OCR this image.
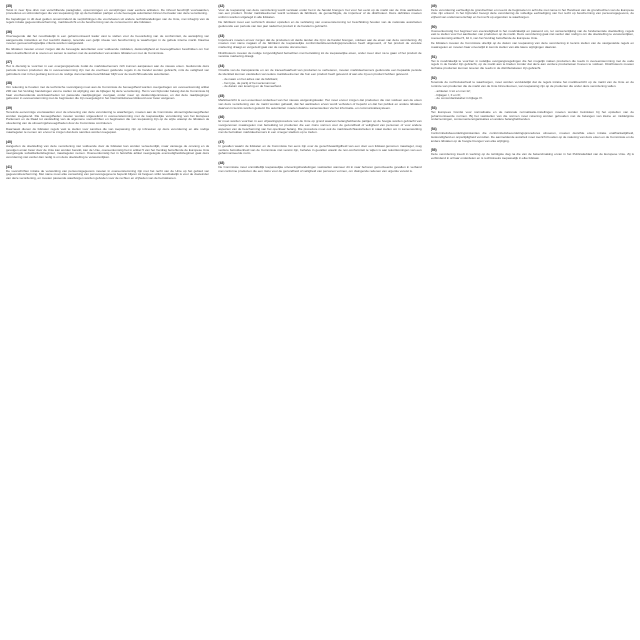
(35)

Tekst in zeer fijne druk met verschillende paragrafen, opsommingen en verwijzingen naar eerdere artikelen. De inhoud beschrijft voorwaarden, procedures en uitzonderingen die van toepassing zijn op de betrokken partijen en de bevoegde autoriteiten binnen het kader van deze verordening.

De bepalingen in dit deel gelden onverminderd de verplichtingen die voortvloeien uit andere rechtshandelingen van de Unie, met inbegrip van de regels inzake gegevensbescherming, markttoezicht en de bescherming van de consument in alle lidstaten.

(36)

Overwegende dat het noodzakelijk is een geharmoniseerd kader vast te stellen voor de beoordeling van de conformiteit, de aanwijzing van aangemelde instanties en het toezicht daarop, teneinde een gelijk niveau van bescherming te waarborgen in de gehele interne markt. Daartoe moeten gemeenschappelijke criteria worden vastgesteld.

De lidstaten moeten ervoor zorgen dat de bevoegde autoriteiten over voldoende middelen, deskundigheid en bevoegdheden beschikken om hun taken doeltreffend uit te voeren en samen te werken met de autoriteiten van andere lidstaten en met de Commissie.

(37)

Het is dienstig te voorzien in een overgangsperiode zodat de marktdeelnemers zich kunnen aanpassen aan de nieuwe eisen. Gedurende deze periode kunnen producten die in overeenstemming zijn met de voorheen geldende regels in de handel worden gebracht, mits de veiligheid van gebruikers niet in het gedrang komt en de nodige documentatie beschikbaar blijft voor de toezichthoudende autoriteiten.

(38)

Om rekening te houden met de technische vooruitgang moet aan de Commissie de bevoegdheid worden overgedragen om overeenkomstig artikel 290 van het Verdrag handelingen vast te stellen tot wijziging van de bijlagen bij deze verordening. Het is van bijzonder belang dat de Commissie bij haar voorbereidende werkzaamheden tot passende raadplegingen overgaat, onder meer op deskundigenniveau, en dat deze raadplegingen gebeuren in overeenstemming met de beginselen die zijn neergelegd in het Interinstitutioneel Akkoord over beter wetgeven.

(39)

Teneinde eenvormige voorwaarden voor de uitvoering van deze verordening te waarborgen, moeten aan de Commissie uitvoeringsbevoegdheden worden toegekend. Die bevoegdheden moeten worden uitgeoefend in overeenstemming met de toepasselijke verordening van het Europees Parlement en de Raad tot vaststelling van de algemene voorschriften en beginselen die van toepassing zijn op de wijze waarop de lidstaten de uitoefening van de uitvoeringsbevoegdheden door de Commissie controleren.

Daarnaast dienen de lidstaten regels vast te stellen voor sancties die van toepassing zijn op inbreuken op deze verordening en alle nodige maatregelen te nemen om ervoor te zorgen dat deze sancties worden toegepast.

(40)

Aangezien de doelstelling van deze verordening niet voldoende door de lidstaten kan worden verwezenlijkt, maar vanwege de omvang en de gevolgen ervan beter door de Unie kan worden bereikt, kan de Unie, overeenkomstig het in artikel 5 van het Verdrag betreffende de Europese Unie neergelegde subsidiariteitsbeginsel, maatregelen nemen. Overeenkomstig het in hetzelfde artikel neergelegde evenredigheidsbeginsel gaat deze verordening niet verder dan nodig is om deze doelstelling te verwezenlijken.

(41)

De voorschriften inzake de verwerking van persoonsgegevens moeten in overeenstemming zijn met het recht van de Unie op het gebied van gegevensbescherming. Met name moet elke verwerking van persoonsgegevens beperkt blijven tot hetgeen strikt noodzakelijk is voor de doeleinden van deze verordening, en moeten passende waarborgen worden geboden voor de rechten en vrijheden van de betrokkenen.

(42)

Voor de toepassing van deze verordening wordt verstaan onder het in de handel brengen: het voor het eerst op de markt van de Unie aanbieden van een product. Onder marktdeelnemer wordt verstaan de fabrikant, de gemachtigde, de importeur of de distributeur. Deze definities moeten uniform worden uitgelegd in alle lidstaten.

De fabrikant moet een technisch dossier opstellen en de verklaring van overeenstemming ter beschikking houden van de nationale autoriteiten gedurende een periode van tien jaar nadat het product in de handel is gebracht.

(43)

Importeurs moeten ervoor zorgen dat de producten uit derde landen die zij in de handel brengen, voldoen aan de eisen van deze verordening. Zij moeten met name nagaan of de fabrikant de toepasselijke conformiteitsbeoordelingsprocedures heeft uitgevoerd, of het product de vereiste markering draagt en vergezeld gaat van de vereiste documenten.

Distributeurs moeten de nodige zorgvuldigheid betrachten met betrekking tot de toepasselijke eisen, onder meer door na te gaan of het product de vereiste markering draagt.

(44)

Omwille van de transparantie en om de traceerbaarheid van producten te verbeteren, moeten marktdeelnemers gedurende een bepaalde periode de identiteit kunnen vaststellen van iedere marktdeelnemer die hun een product heeft geleverd of aan wie zij een product hebben geleverd.

- de naam en het adres van de fabrikant;

- het type, de partij of het serienummer;

- de datum van levering en de hoeveelheid.

(45)

Markttoezicht is een essentieel onderdeel van het nieuwe wetgevingskader. Het moet ervoor zorgen dat producten die niet voldoen aan de eisen van deze verordening van de markt worden gehaald, dat het aanbieden ervan wordt verboden of beperkt en dat het publiek en andere lidstaten daarvan in kennis worden gesteld. De autoriteiten moeten daartoe samenwerken via het informatie- en communicatiesysteem.

(46)

Er moet worden voorzien in een vrijwaringsprocedure van de Unie op grond waarvan belanghebbende partijen op de hoogte worden gebracht van voorgenomen maatregelen met betrekking tot producten die een risico vormen voor de gezondheid of veiligheid van personen of voor andere aspecten van de bescherming van het openbaar belang. Die procedure moet ook de markttoezichtautoriteiten in staat stellen om in samenwerking met de betrokken marktdeelnemers in een vroeger stadium op te treden.

(47)

In gevallen waarin de lidstaten en de Commissie het eens zijn over de gerechtvaardigdheid van een door een lidstaat genomen maatregel, mag verdere betrokkenheid van de Commissie niet vereist zijn, behalve in gevallen waarin de non-conformiteit te wijten is aan tekortkomingen van een geharmoniseerde norm.

(48)

De Commissie moet onmiddellijk toepasselijke uitvoeringshandelingen vaststellen wanneer dit in naar behoren gemotiveerde gevallen in verband met conforme producten die een risico voor de gezondheid of veiligheid van personen vormen, om dwingende redenen van urgentie vereist is.

(49)

Deze verordening eerbiedigt de grondrechten en neemt de beginselen in acht die met name in het Handvest van de grondrechten van de Europese Unie zijn erkend. In het bijzonder beoogt deze verordening de volledige eerbiediging van het recht op bescherming van persoonsgegevens, de vrijheid van ondernemerschap en het recht op eigendom te waarborgen.

(50)

Overeenkomstig het beginsel van evenredigheid is het noodzakelijk en passend om, ter verwezenlijking van de fundamentele doelstelling, regels vast te stellen voor het aanbieden van producten op de markt. Deze verordening gaat niet verder dan nodig is om die doelstelling te verwezenlijken, overeenkomstig artikel 5, lid 4, van het Verdrag betreffende de Europese Unie.

De lidstaten moeten de Commissie uiterlijk op de datum van toepassing van deze verordening in kennis stellen van de vastgestelde regels en maatregelen en moeten haar onverwijld in kennis stellen van alle latere wijzigingen daarvan.

(51)

Het is noodzakelijk te voorzien in redelijke overgangsregelingen die het mogelijk maken producten die reeds in overeenstemming met de oude regels in de handel zijn gebracht, op de markt aan te bieden zonder dat deze aan verdere producteisen hoeven te voldoen. Distributeurs moeten derhalve producten kunnen leveren die reeds in de distributieketen zijn gebracht.

(52)

Teneinde de rechtszekerheid te waarborgen, moet worden verduidelijkt dat de regels inzake het markttoezicht op de markt van de Unie en de controle van producten die de markt van de Unie binnenkomen, van toepassing zijn op de producten die onder deze verordening vallen.

- artikelen 1 tot en met 12;

- bijlagen I, II en III;

- de concordantietabel in bijlage IV.

(53)

Het Europees Comité voor normalisatie en de nationale normalisatie-instellingen moeten worden betrokken bij het opstellen van de geharmoniseerde normen. Bij het vaststellen van die normen moet rekening worden gehouden met de belangen van kleine en middelgrote ondernemingen, consumentenorganisaties en andere belanghebbenden.

(54)

Conformiteitsbeoordelingsinstanties die conformiteitsbeoordelingsprocedures uitvoeren, moeten dezelfde eisen inzake onafhankelijkheid, deskundigheid en onpartijdigheid vervullen. De aanmeldende autoriteit moet toezicht houden op de naleving van deze eisen en de Commissie en de andere lidstaten op de hoogte brengen van elke wijziging.

(55)

Deze verordening treedt in werking op de twintigste dag na die van de bekendmaking ervan in het Publicatieblad van de Europese Unie. Zij is verbindend in al haar onderdelen en is rechtstreeks toepasselijk in elke lidstaat.
